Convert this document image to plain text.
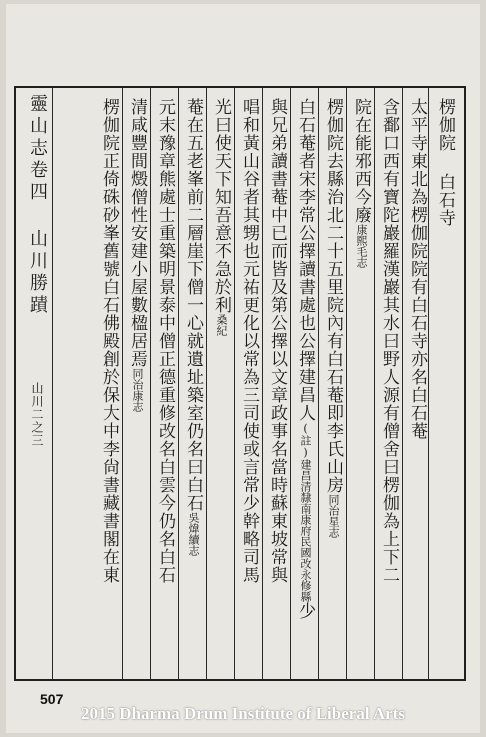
靈山志卷四 山川勝蹟 山川二之三
楞伽院 白石寺
太平寺東北為楞伽院院有白石寺亦名白石菴
含鄱口西有寶陀巖羅漢巖其水曰野人源有僧舍曰楞伽為上下二
院在能邪西今廢康熙毛志
楞伽院去縣治北二十五里院內有白石菴即李氏山房同治星志
白石菴者宋李常公擇讀書處也公擇建昌人(註)建昌清隸南康府民國改永修縣少
與兄弟讀書菴中已而皆及第公擇以文章政事名當時蘇東坡常與
唱和黃山谷者其甥也元祐更化以常為三司使或言常少幹略司馬
光曰使天下知吾意不急於利桑紀
菴在五老峯前二層崖下僧一心就遺址築室仍名曰白石吳煒續志
元末豫章熊處士重築明景泰中僧正德重修改名白雲今仍名白石
清咸豐間燬僧性安建小屋數楹居焉同治康志
楞伽院正倚硃砂峯舊號白石佛殿創於保大中李尙書藏書閣在東
507
2015 Dharma Drum Institute of Liberal Arts
